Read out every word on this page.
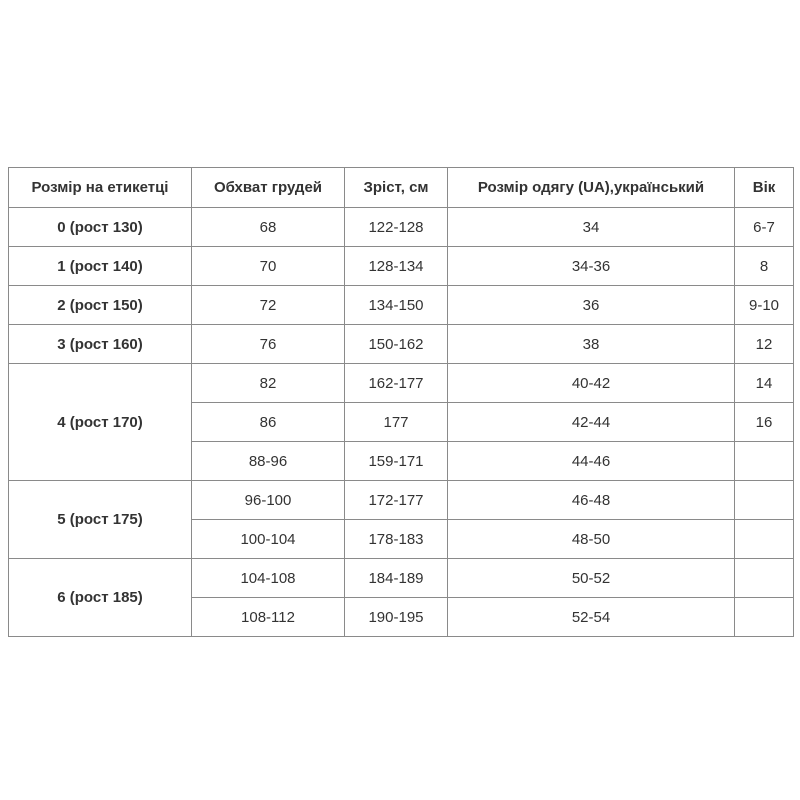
Розмір на етикетці	Обхват грудей	Зріст, см	Розмір одягу (UA),український	Вік
0 (рост 130)	68	122-128	34	6-7
1 (рост 140)	70	128-134	34-36	8
2 (рост 150)	72	134-150	36	9-10
3 (рост 160)	76	150-162	38	12
4 (рост 170)	82	162-177	40-42	14
	86	177	42-44	16
	88-96	159-171	44-46	
5 (рост 175)	96-100	172-177	46-48	
	100-104	178-183	48-50	
6 (рост 185)	104-108	184-189	50-52	
	108-112	190-195	52-54	
